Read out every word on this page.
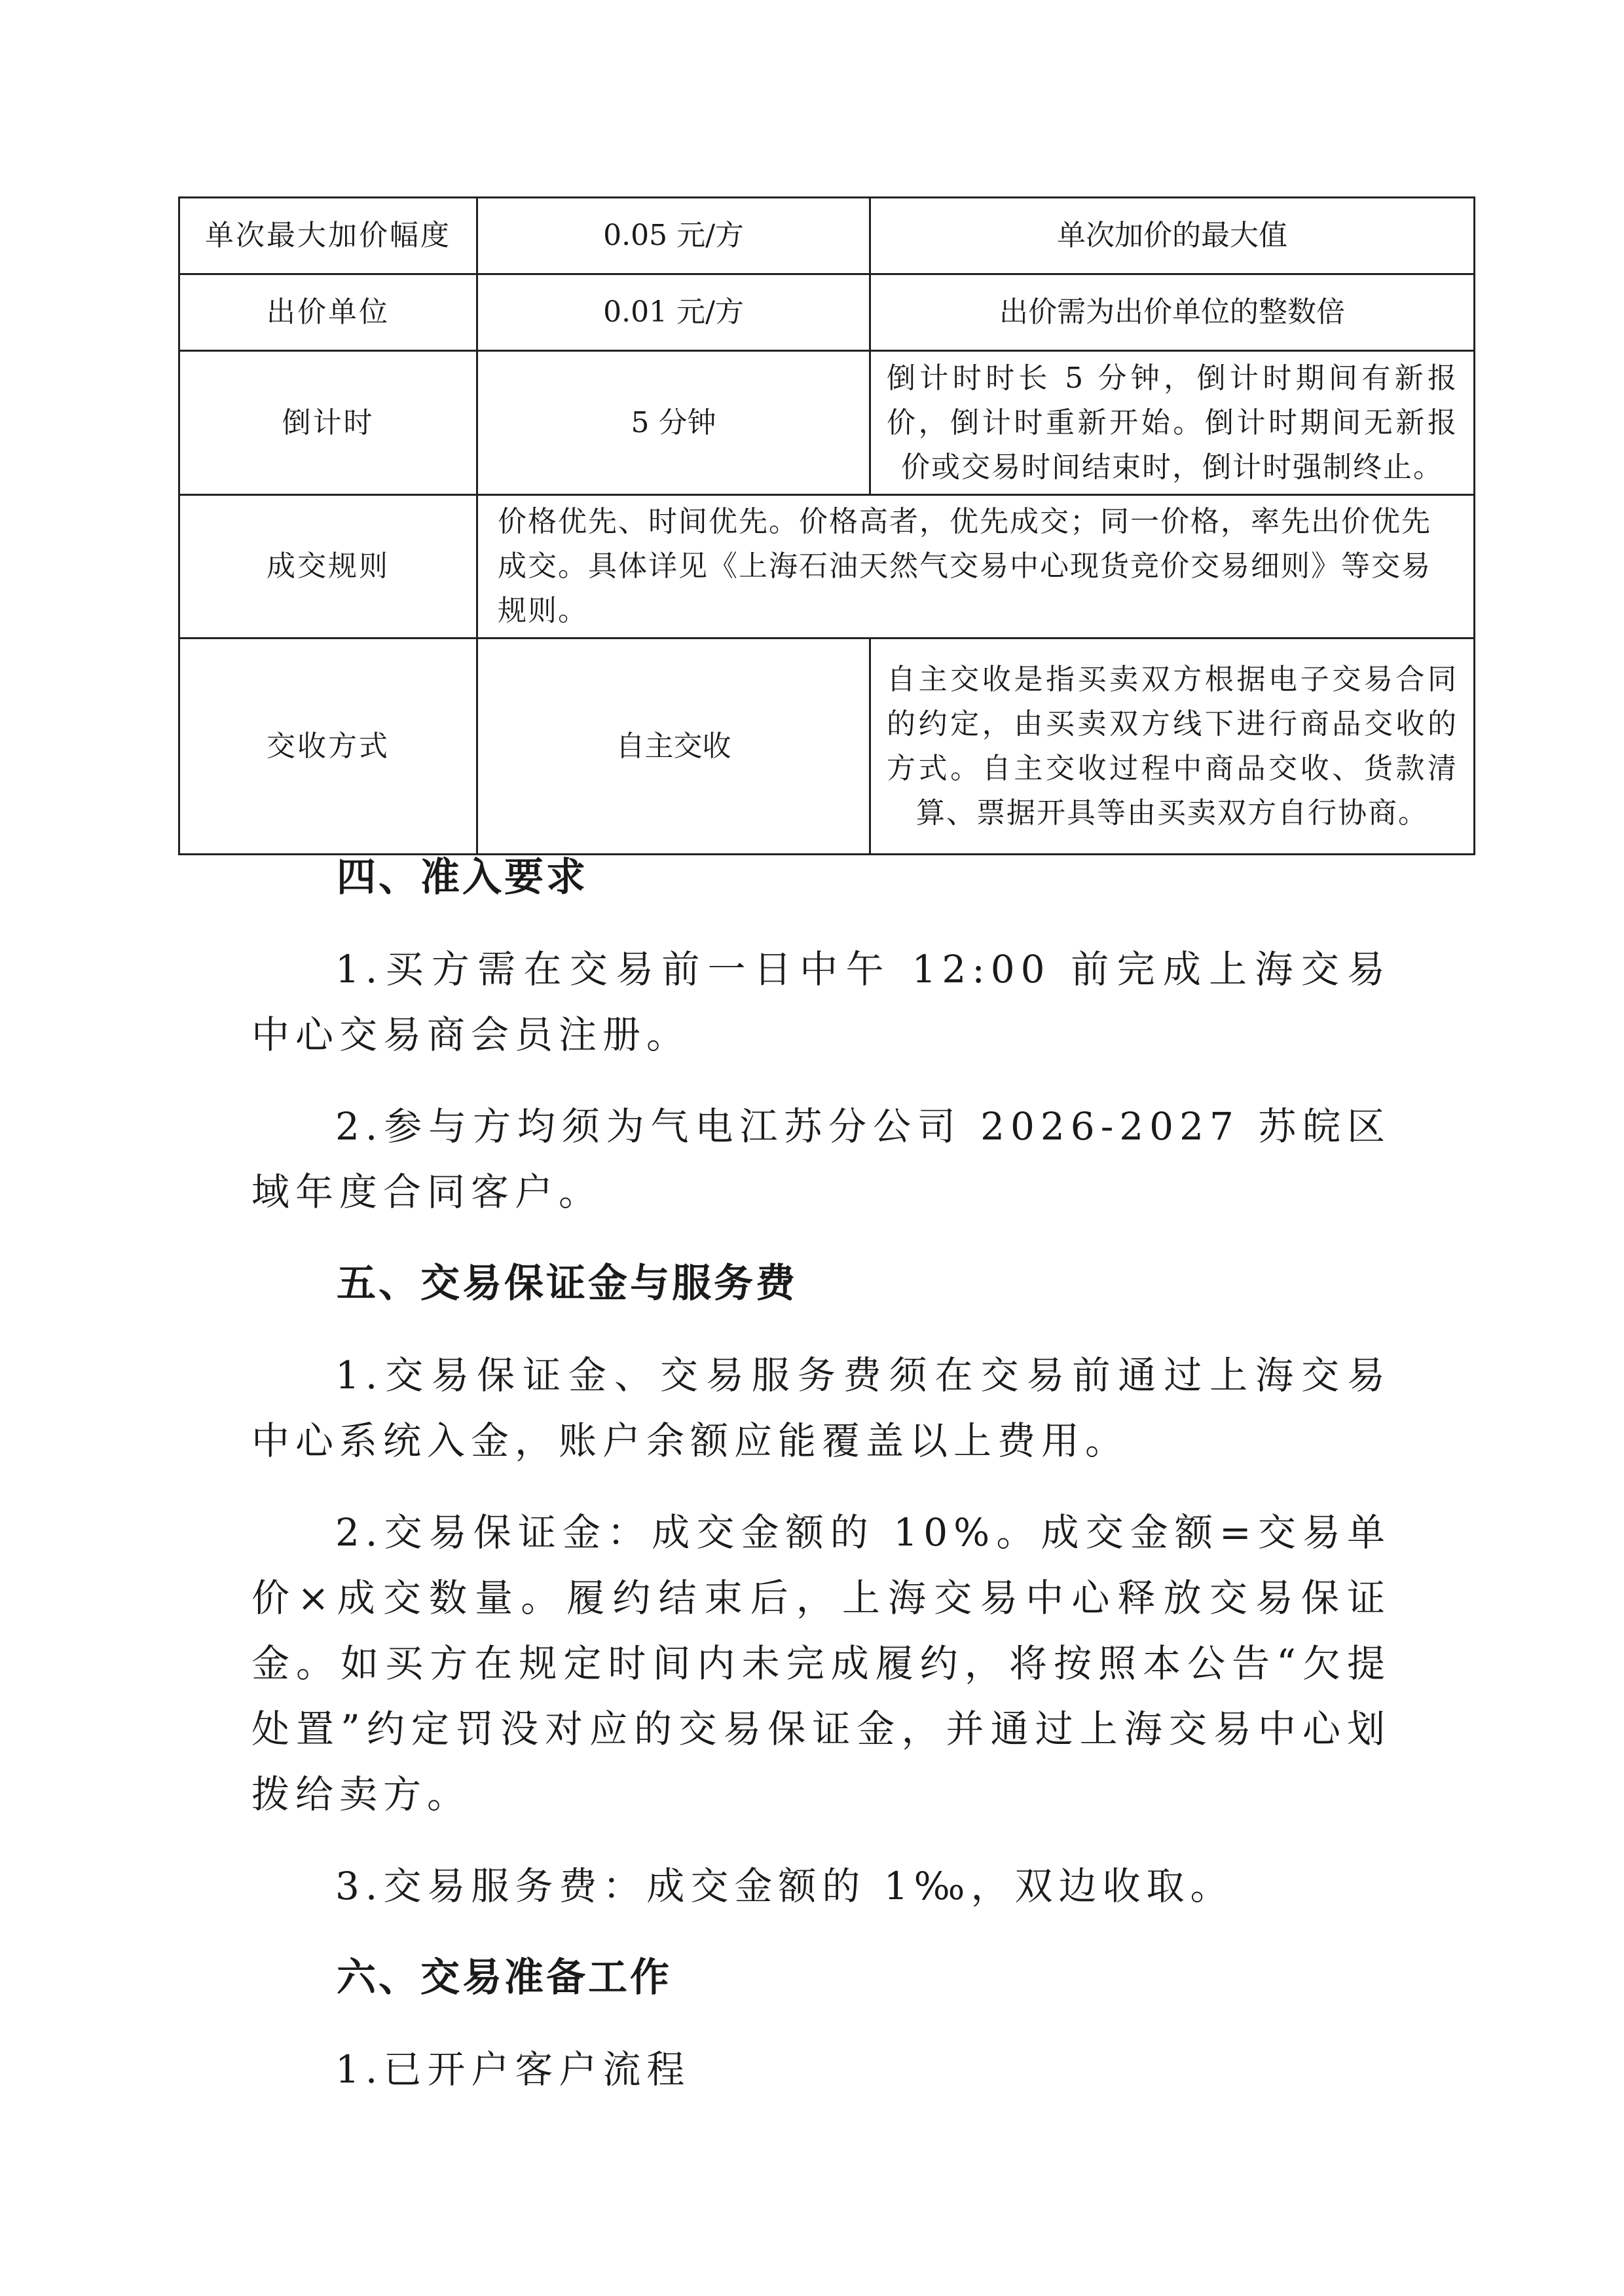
单次最大加价幅度	0.05 元/方	单次加价的最大值
出价单位	0.01 元/方	出价需为出价单位的整数倍
倒计时	5 分钟	倒计时时长 5 分钟，倒计时期间有新报价，倒计时重新开始。倒计时期间无新报价或交易时间结束时，倒计时强制终止。
成交规则	价格优先、时间优先。价格高者，优先成交；同一价格，率先出价优先成交。具体详见《上海石油天然气交易中心现货竞价交易细则》等交易规则。	
交收方式	自主交收	自主交收是指买卖双方根据电子交易合同的约定，由买卖双方线下进行商品交收的方式。自主交收过程中商品交收、货款清算、票据开具等由买卖双方自行协商。
四、准入要求

1.买方需在交易前一日中午 12:00 前完成上海交易中心交易商会员注册。

2.参与方均须为气电江苏分公司 2026-2027 苏皖区域年度合同客户。

五、交易保证金与服务费

1.交易保证金、交易服务费须在交易前通过上海交易中心系统入金，账户余额应能覆盖以上费用。

2.交易保证金：成交金额的 10%。成交金额=交易单价×成交数量。履约结束后，上海交易中心释放交易保证金。如买方在规定时间内未完成履约，将按照本公告“欠提处置”约定罚没对应的交易保证金，并通过上海交易中心划拨给卖方。

3.交易服务费：成交金额的 1‰，双边收取。

六、交易准备工作

1.已开户客户流程
